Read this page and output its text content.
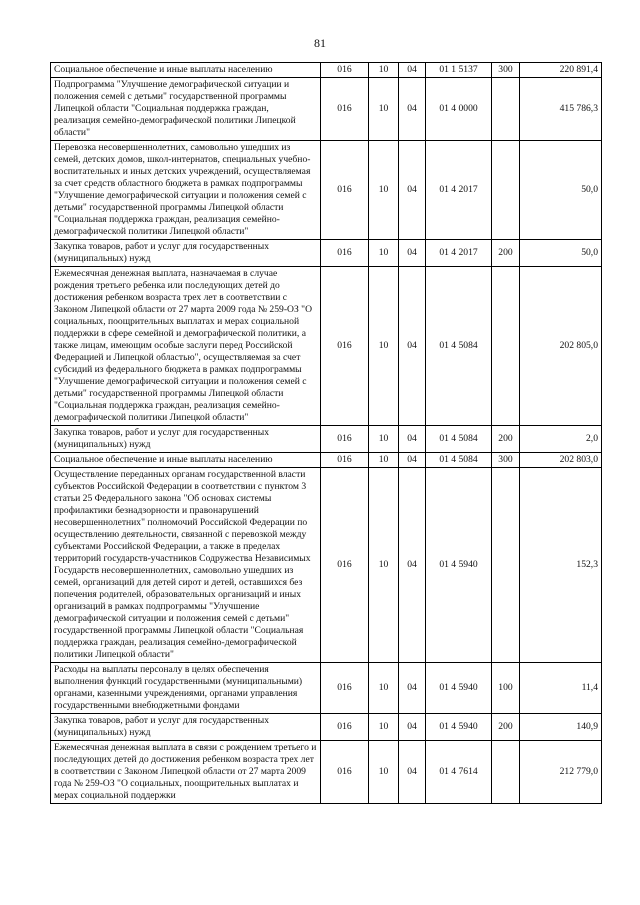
81
Социальное обеспечение и иные выплаты населению	016	10	04	01 1 5137	300	220 891,4
Подпрограмма "Улучшение демографической ситуации и положения семей с детьми" государственной программы Липецкой области "Социальная поддержка граждан, реализация семейно-демографической политики Липецкой области"	016	10	04	01 4 0000		415 786,3
Перевозка несовершеннолетних, самовольно ушедших из семей, детских домов, школ-интернатов, специальных учебно-воспитательных и иных детских учреждений, осуществляемая за счет средств областного бюджета в рамках подпрограммы "Улучшение демографической ситуации и положения семей с детьми" государственной программы Липецкой области "Социальная поддержка граждан, реализация семейно-демографической политики Липецкой области"	016	10	04	01 4 2017		50,0
Закупка товаров, работ и услуг для государственных (муниципальных) нужд	016	10	04	01 4 2017	200	50,0
Ежемесячная денежная выплата, назначаемая в случае рождения третьего ребенка или последующих детей до достижения ребенком возраста трех лет в соответствии с Законом Липецкой области от 27 марта 2009 года № 259-ОЗ "О социальных, поощрительных выплатах и мерах социальной поддержки в сфере семейной и демографической политики, а также лицам, имеющим особые заслуги перед Российской Федерацией и Липецкой областью", осуществляемая за счет субсидий из федерального бюджета в рамках подпрограммы "Улучшение демографической ситуации и положения семей с детьми" государственной программы Липецкой области "Социальная поддержка граждан, реализация семейно-демографической политики Липецкой области"	016	10	04	01 4 5084		202 805,0
Закупка товаров, работ и услуг для государственных (муниципальных) нужд	016	10	04	01 4 5084	200	2,0
Социальное обеспечение и иные выплаты населению	016	10	04	01 4 5084	300	202 803,0
Осуществление переданных органам государственной власти субъектов Российской Федерации в соответствии с пунктом 3 статьи 25 Федерального закона "Об основах системы профилактики безнадзорности и правонарушений несовершеннолетних" полномочий Российской Федерации по осуществлению деятельности, связанной с перевозкой между субъектами Российской Федерации, а также в пределах территорий государств-участников Содружества Независимых Государств несовершеннолетних, самовольно ушедших из семей, организаций для детей сирот и детей, оставшихся без попечения родителей, образовательных организаций и иных организаций в рамках подпрограммы "Улучшение демографической ситуации и положения семей с детьми" государственной программы Липецкой области "Социальная поддержка граждан, реализация семейно-демографической политики Липецкой области"	016	10	04	01 4 5940		152,3
Расходы на выплаты персоналу в целях обеспечения выполнения функций государственными (муниципальными) органами, казенными учреждениями, органами управления государственными внебюджетными фондами	016	10	04	01 4 5940	100	11,4
Закупка товаров, работ и услуг для государственных (муниципальных) нужд	016	10	04	01 4 5940	200	140,9
Ежемесячная денежная выплата в связи с рождением третьего и последующих детей до достижения ребенком возраста трех лет в соответствии с Законом Липецкой области от 27 марта 2009 года № 259-ОЗ "О социальных, поощрительных выплатах и мерах социальной поддержки	016	10	04	01 4 7614		212 779,0
